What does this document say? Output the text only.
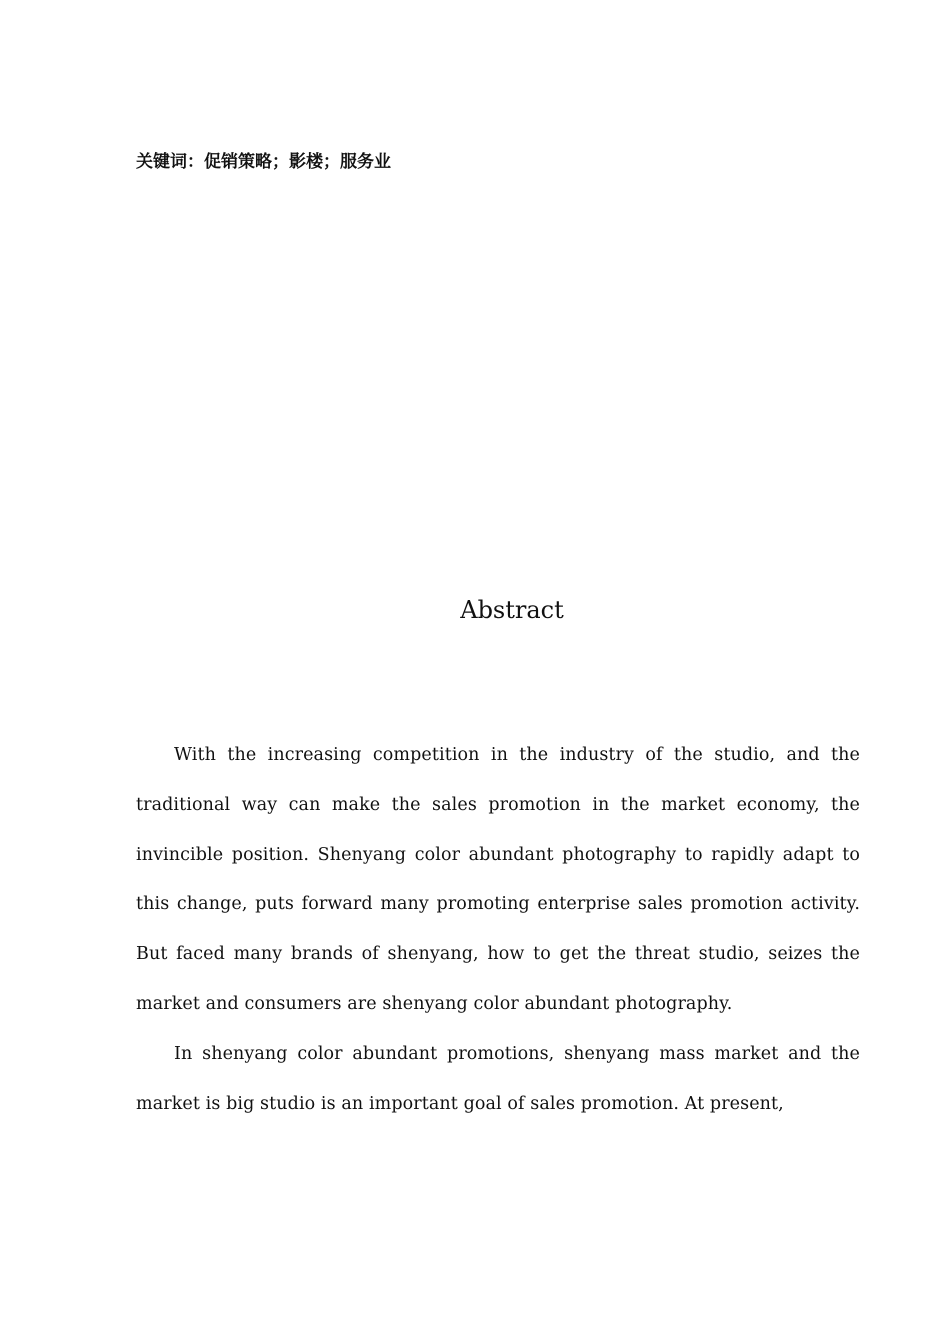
关键词：促销策略；影楼；服务业
Abstract

With the increasing competition in the industry of the studio, and the traditional way can make the sales promotion in the market economy, the invincible position. Shenyang color abundant photography to rapidly adapt to this change, puts forward many promoting enterprise sales promotion activity. But faced many brands of shenyang, how to get the threat studio, seizes the market and consumers are shenyang color abundant photography.

In shenyang color abundant promotions, shenyang mass market and the market is big studio is an important goal of sales promotion. At present,
